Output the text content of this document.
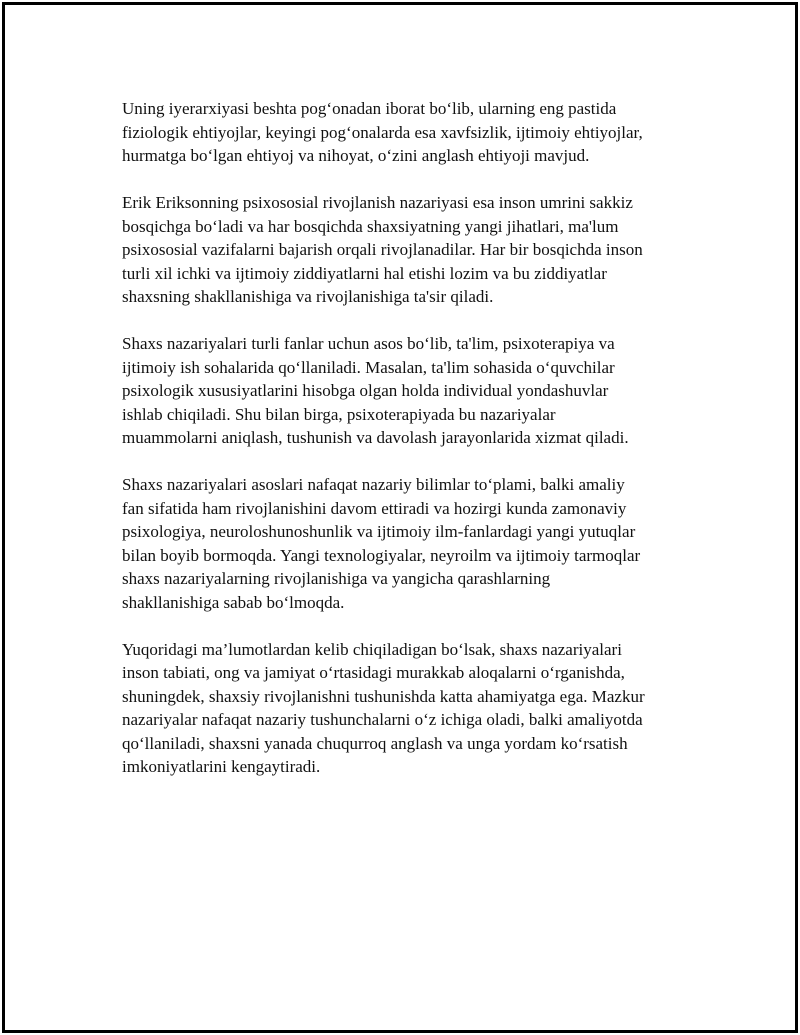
Uning iyerarxiyasi beshta pog‘onadan iborat bo‘lib, ularning eng pastida
fiziologik ehtiyojlar, keyingi pog‘onalarda esa xavfsizlik, ijtimoiy ehtiyojlar,
hurmatga bo‘lgan ehtiyoj va nihoyat, o‘zini anglash ehtiyoji mavjud.

Erik Eriksonning psixososial rivojlanish nazariyasi esa inson umrini sakkiz
bosqichga bo‘ladi va har bosqichda shaxsiyatning yangi jihatlari, ma'lum
psixososial vazifalarni bajarish orqali rivojlanadilar. Har bir bosqichda inson
turli xil ichki va ijtimoiy ziddiyatlarni hal etishi lozim va bu ziddiyatlar
shaxsning shakllanishiga va rivojlanishiga ta'sir qiladi.

Shaxs nazariyalari turli fanlar uchun asos bo‘lib, ta'lim, psixoterapiya va
ijtimoiy ish sohalarida qo‘llaniladi. Masalan, ta'lim sohasida o‘quvchilar
psixologik xususiyatlarini hisobga olgan holda individual yondashuvlar
ishlab chiqiladi. Shu bilan birga, psixoterapiyada bu nazariyalar
muammolarni aniqlash, tushunish va davolash jarayonlarida xizmat qiladi.

Shaxs nazariyalari asoslari nafaqat nazariy bilimlar to‘plami, balki amaliy
fan sifatida ham rivojlanishini davom ettiradi va hozirgi kunda zamonaviy
psixologiya, neuroloshunoshunlik va ijtimoiy ilm-fanlardagi yangi yutuqlar
bilan boyib bormoqda. Yangi texnologiyalar, neyroilm va ijtimoiy tarmoqlar
shaxs nazariyalarning rivojlanishiga va yangicha qarashlarning
shakllanishiga sabab bo‘lmoqda.

Yuqoridagi ma’lumotlardan kelib chiqiladigan bo‘lsak, shaxs nazariyalari
inson tabiati, ong va jamiyat o‘rtasidagi murakkab aloqalarni o‘rganishda,
shuningdek, shaxsiy rivojlanishni tushunishda katta ahamiyatga ega. Mazkur
nazariyalar nafaqat nazariy tushunchalarni o‘z ichiga oladi, balki amaliyotda
qo‘llaniladi, shaxsni yanada chuqurroq anglash va unga yordam ko‘rsatish
imkoniyatlarini kengaytiradi.
